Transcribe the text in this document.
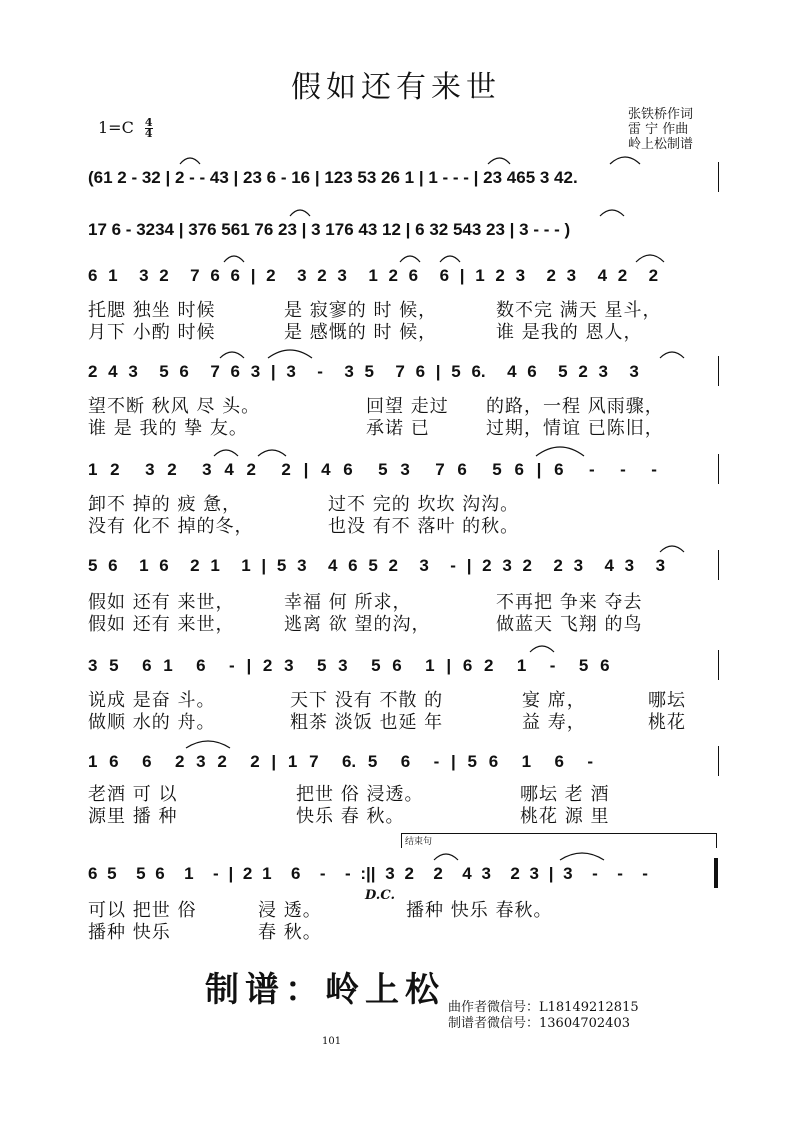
假如还有来世
$1=C \frac{4}{4}$
张铁桥作词
雷 宁 作曲
岭上松制谱
(61 2 - 32 | 2 - - 43 | 23 6 - 16 | 123 53 26 1 | 1 - - - | 23 465 3 42.
17 6 - 3234 | 376 561 76 23 | 3 176 43 12 | 6 32 543 23 | 3 - - - )
6 1  3 2  7 6 6 | 2  3 2 3  1 2 6  6 | 1 2 3  2 3  4 2  2
2 4 3  5 6  7 6 3 | 3  -  3 5  7 6 | 5 6.  4 6  5 2 3  3
1 2  3 2  3 4 2  2 | 4 6  5 3  7 6  5 6 | 6  -  -  -
5 6  1 6  2 1  1 | 5 3  4 6 5 2  3  - | 2 3 2  2 3  4 3  3
3 5  6 1  6  - | 2 3  5 3  5 6  1 | 6 2  1  -  5 6
1 6  6  2 3 2  2 | 1 7  6. 5  6  - | 5 6  1  6  -
6 5  5 6  1  - | 2 1  6  -  - :|| 3 2  2  4 3  2 3 | 3  -  -  -
托腮 独坐 时候	是 寂寥的 时 候，	数不完 满天 星斗，
月下 小酌 时候	是 感慨的 时 候，	谁 是我的 恩人，
望不断 秋风 尽 头。	回望 走过 的路，一程 风雨骤，
谁 是 我的 挚 友。	承诺 已	过期，情谊 已陈旧，
卸不 掉的 疲 惫，	过不 完的 坎坎 沟沟。
没有 化不 掉的冬，	也没 有不 落叶 的秋。
假如 还有 来世，	幸福 何 所求，	不再把 争来 夺去
假如 还有 来世，	逃离 欲 望的沟，	做蓝天 飞翔 的鸟
说成 是奋 斗。	天下 没有 不散 的	宴 席，	哪坛
做顺 水的 舟。	粗茶 淡饭 也延 年	益 寿，	桃花
老酒 可 以	把世 俗 浸透。	哪坛 老 酒
源里 播 种	快乐 春 秋。	桃花 源 里
可以 把世 俗	浸 透。	播种 快乐 春秋。
播种 快乐	春 秋。
结束句
D.C.
制谱：岭上松 曲作者微信号：L18149212815
制谱者微信号：13604702403
101
